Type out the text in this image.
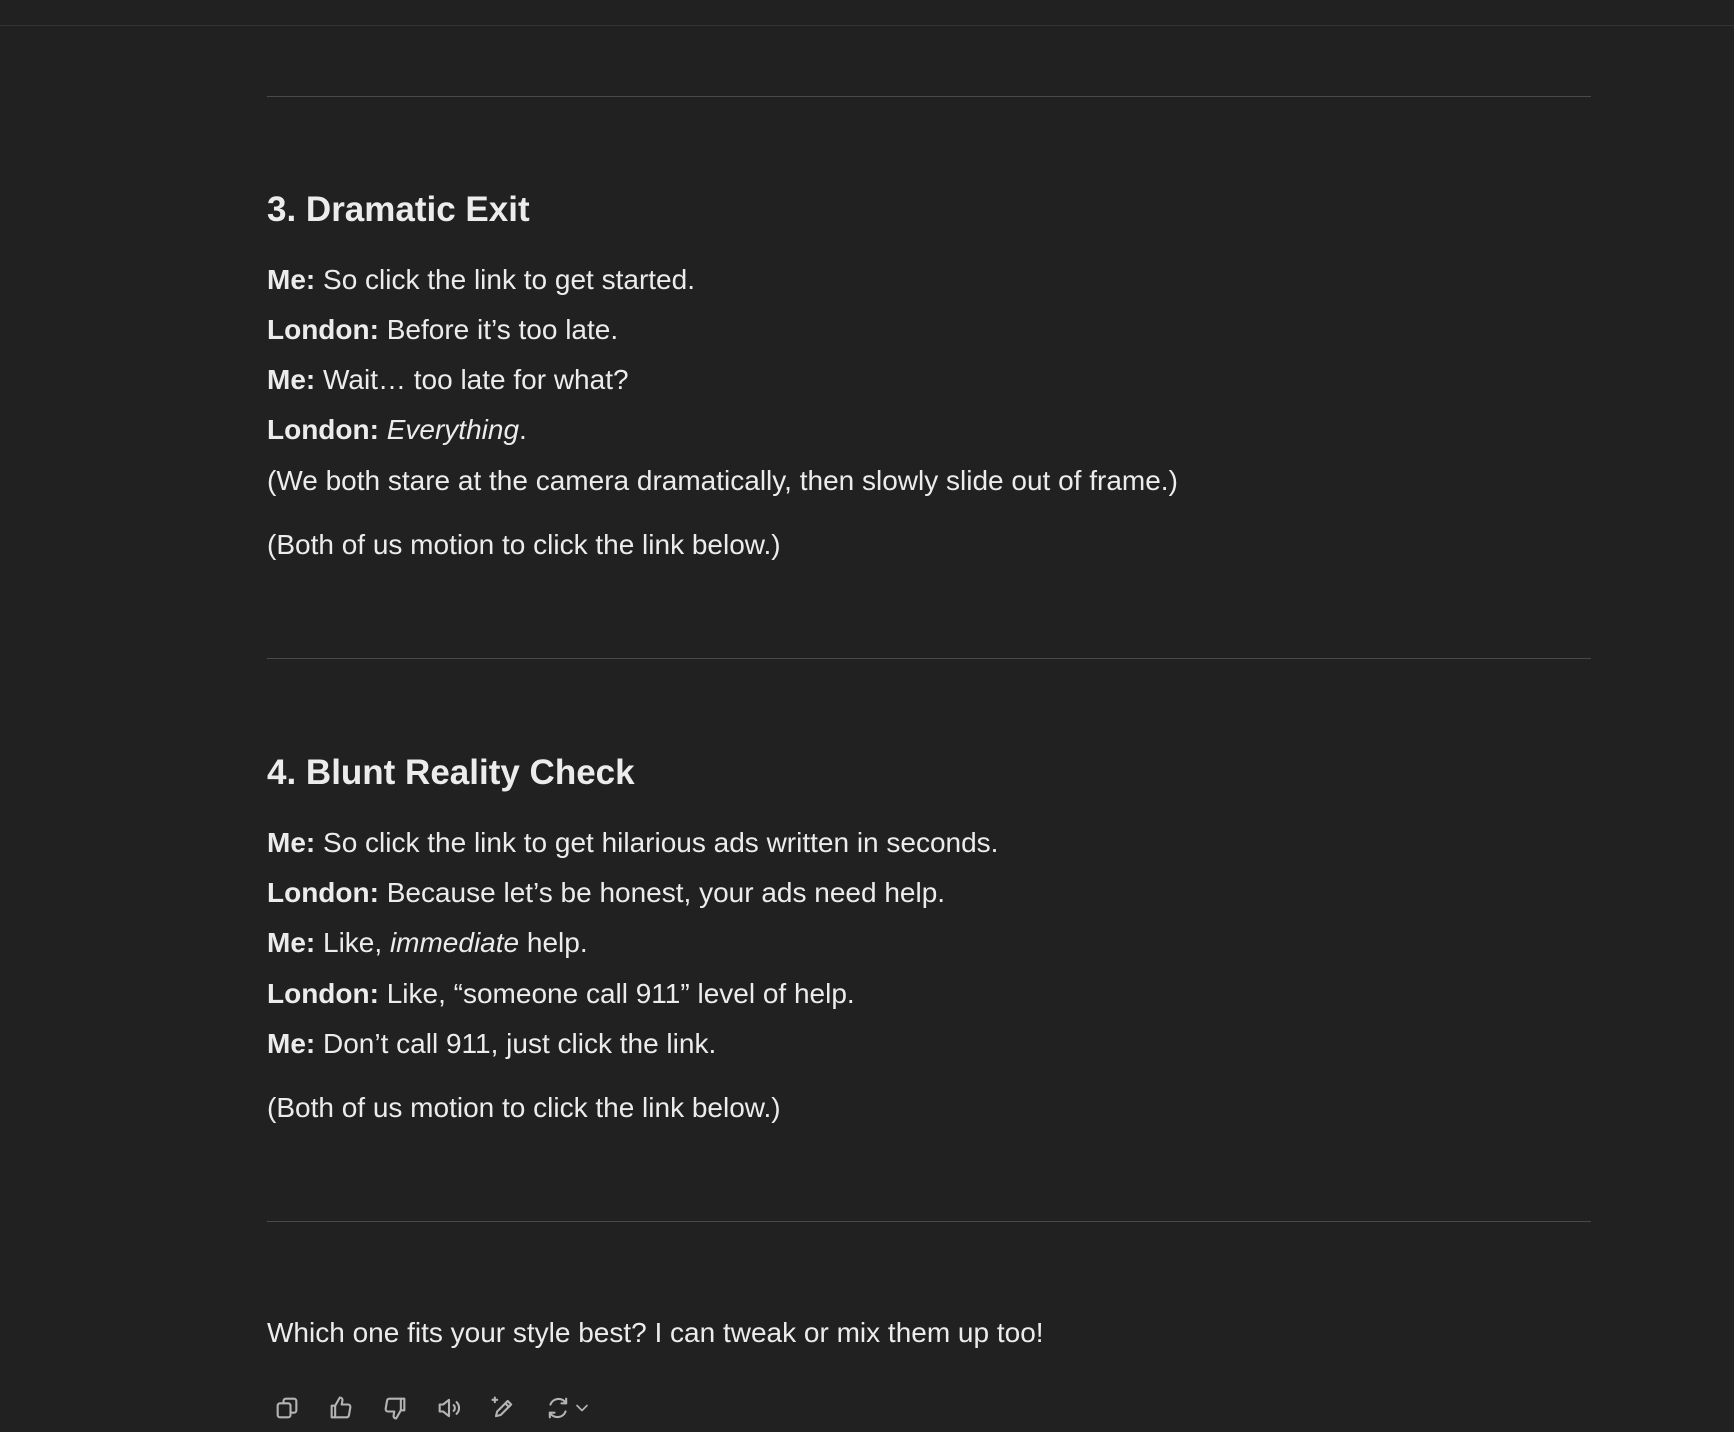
3. Dramatic Exit
Me: So click the link to get started.
London: Before it’s too late.
Me: Wait… too late for what?
London: Everything.
(We both stare at the camera dramatically, then slowly slide out of frame.)
(Both of us motion to click the link below.)
4. Blunt Reality Check
Me: So click the link to get hilarious ads written in seconds.
London: Because let’s be honest, your ads need help.
Me: Like, immediate help.
London: Like, “someone call 911” level of help.
Me: Don’t call 911, just click the link.
(Both of us motion to click the link below.)
Which one fits your style best? I can tweak or mix them up too!
